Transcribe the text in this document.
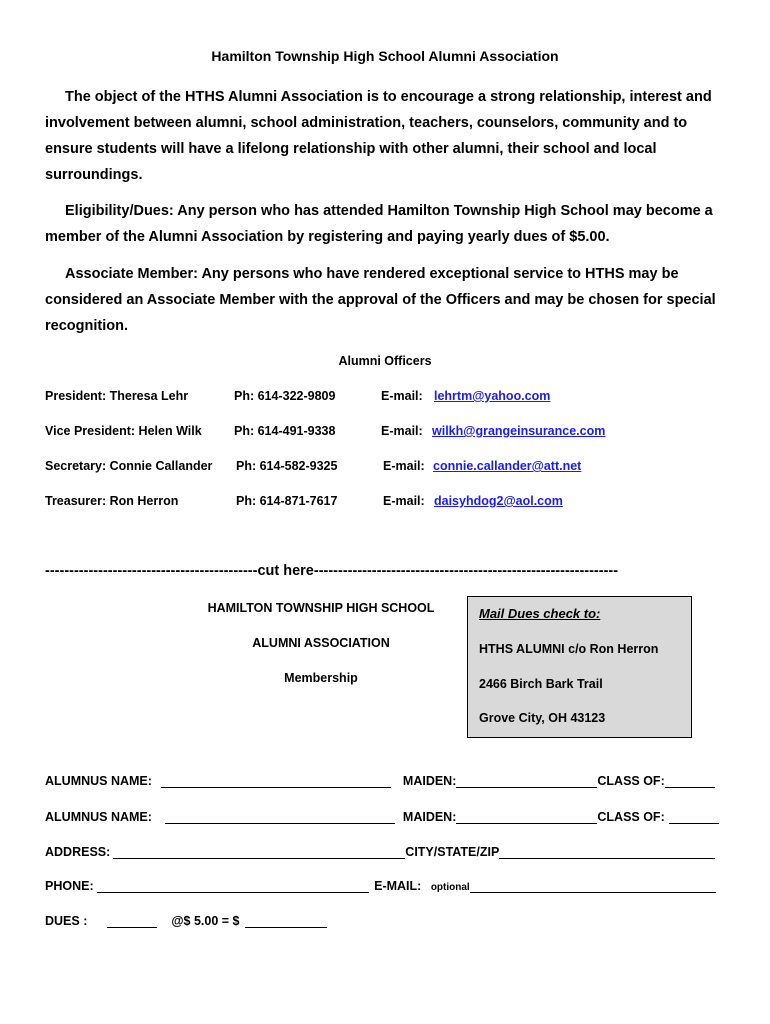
Hamilton Township High School Alumni Association
The object of the HTHS Alumni Association is to encourage a strong relationship, interest and involvement between alumni, school administration, teachers, counselors, community and to ensure students will have a lifelong relationship with other alumni, their school and local surroundings.
Eligibility/Dues: Any person who has attended Hamilton Township High School may become a member of the Alumni Association by registering and paying yearly dues of $5.00.
Associate Member: Any persons who have rendered exceptional service to HTHS may be considered an Associate Member with the approval of the Officers and may be chosen for special recognition.
Alumni Officers
President: Theresa Lehr	Ph: 614-322-9809	E-mail: lehrtm@yahoo.com
Vice President: Helen Wilk	Ph: 614-491-9338	E-mail: wilkh@grangeinsurance.com
Secretary: Connie Callander Ph: 614-582-9325	E-mail: connie.callander@att.net
Treasurer: Ron Herron	Ph: 614-871-7617	E-mail: daisyhdog2@aol.com
--------------------------------------------cut here---------------------------------------------------------------
HAMILTON TOWNSHIP HIGH SCHOOL
ALUMNI ASSOCIATION
Membership
Mail Dues check to:
HTHS ALUMNI c/o Ron Herron
2466 Birch Bark Trail
Grove City, OH 43123
ALUMNUS NAME:	MAIDEN:	CLASS OF:
ALUMNUS NAME:	MAIDEN:	CLASS OF:
ADDRESS:	CITY/STATE/ZIP
PHONE:	E-MAIL: optional
DUES :	@$ 5.00 = $
